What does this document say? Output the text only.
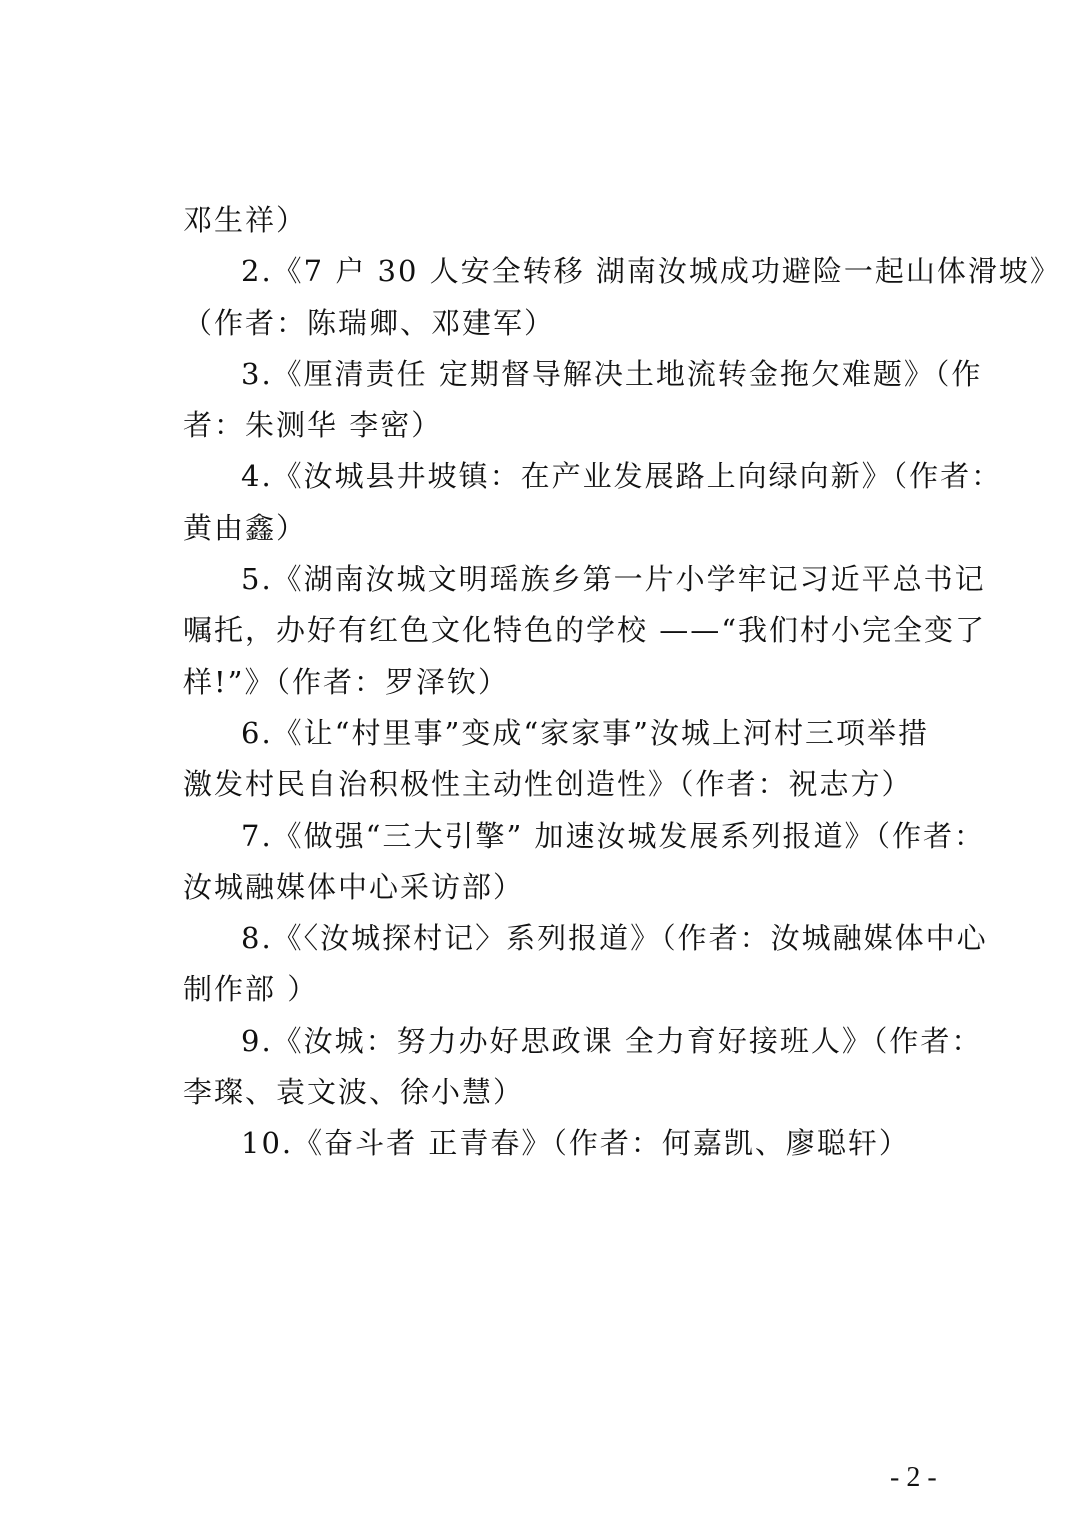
邓生祥）
2.《7 户 30 人安全转移 湖南汝城成功避险一起山体滑坡》
（作者：陈瑞卿、邓建军）
3.《厘清责任 定期督导解决土地流转金拖欠难题》（作
者：朱测华 李密）
4.《汝城县井坡镇：在产业发展路上向绿向新》（作者：
黄由鑫）
5.《湖南汝城文明瑶族乡第一片小学牢记习近平总书记
嘱托，办好有红色文化特色的学校 ——“我们村小完全变了
样!”》（作者：罗泽钦）
6.《让“村里事”变成“家家事”汝城上河村三项举措
激发村民自治积极性主动性创造性》（作者：祝志方）
7.《做强“三大引擎” 加速汝城发展系列报道》（作者：
汝城融媒体中心采访部）
8.《〈汝城探村记〉系列报道》（作者：汝城融媒体中心
制作部 ）
9.《汝城：努力办好思政课 全力育好接班人》（作者：
李璨、袁文波、徐小慧）
10.《奋斗者 正青春》（作者：何嘉凯、廖聪轩）
- 2 -
